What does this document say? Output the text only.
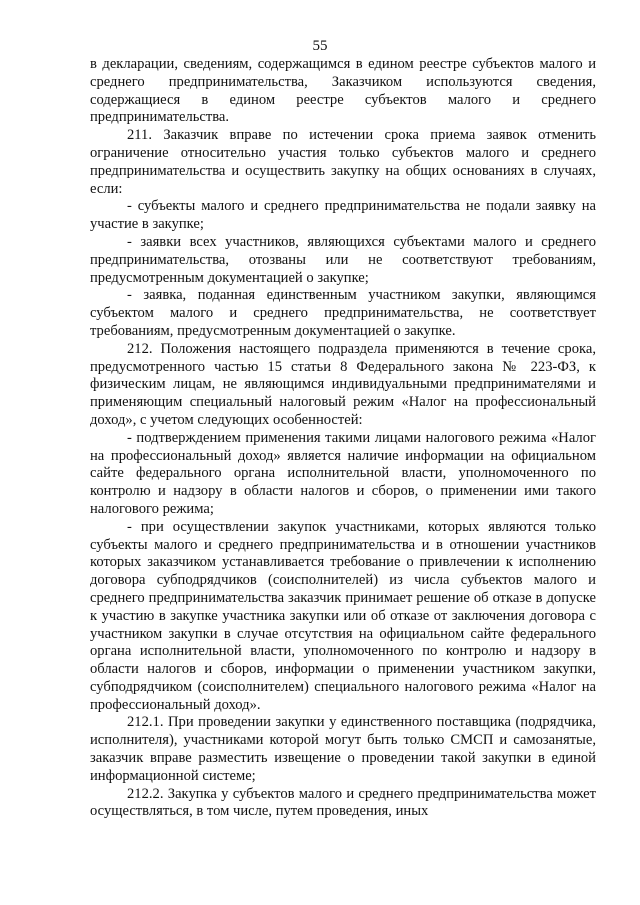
55

в декларации, сведениям, содержащимся в едином реестре субъектов малого и среднего предпринимательства, Заказчиком используются сведения, содержащиеся в едином реестре субъектов малого и среднего предпринимательства.

211. Заказчик вправе по истечении срока приема заявок отменить ограничение относительно участия только субъектов малого и среднего предпринимательства и осуществить закупку на общих основаниях в случаях, если:

- субъекты малого и среднего предпринимательства не подали заявку на участие в закупке;

- заявки всех участников, являющихся субъектами малого и среднего предпринимательства, отозваны или не соответствуют требованиям, предусмотренным документацией о закупке;

- заявка, поданная единственным участником закупки, являющимся субъектом малого и среднего предпринимательства, не соответствует требованиям, предусмотренным документацией о закупке.

212. Положения настоящего подраздела применяются в течение срока, предусмотренного частью 15 статьи 8 Федерального закона № 223-ФЗ, к физическим лицам, не являющимся индивидуальными предпринимателями и применяющим специальный налоговый режим «Налог на профессиональный доход», с учетом следующих особенностей:

- подтверждением применения такими лицами налогового режима «Налог на профессиональный доход» является наличие информации на официальном сайте федерального органа исполнительной власти, уполномоченного по контролю и надзору в области налогов и сборов, о применении ими такого налогового режима;

- при осуществлении закупок участниками, которых являются только субъекты малого и среднего предпринимательства и в отношении участников которых заказчиком устанавливается требование о привлечении к исполнению договора субподрядчиков (соисполнителей) из числа субъектов малого и среднего предпринимательства заказчик принимает решение об отказе в допуске к участию в закупке участника закупки или об отказе от заключения договора с участником закупки в случае отсутствия на официальном сайте федерального органа исполнительной власти, уполномоченного по контролю и надзору в области налогов и сборов, информации о применении участником закупки, субподрядчиком (соисполнителем) специального налогового режима «Налог на профессиональный доход».

212.1. При проведении закупки у единственного поставщика (подрядчика, исполнителя), участниками которой могут быть только СМСП и самозанятые, заказчик вправе разместить извещение о проведении такой закупки в единой информационной системе;

212.2. Закупка у субъектов малого и среднего предпринимательства может осуществляться, в том числе, путем проведения, иных
